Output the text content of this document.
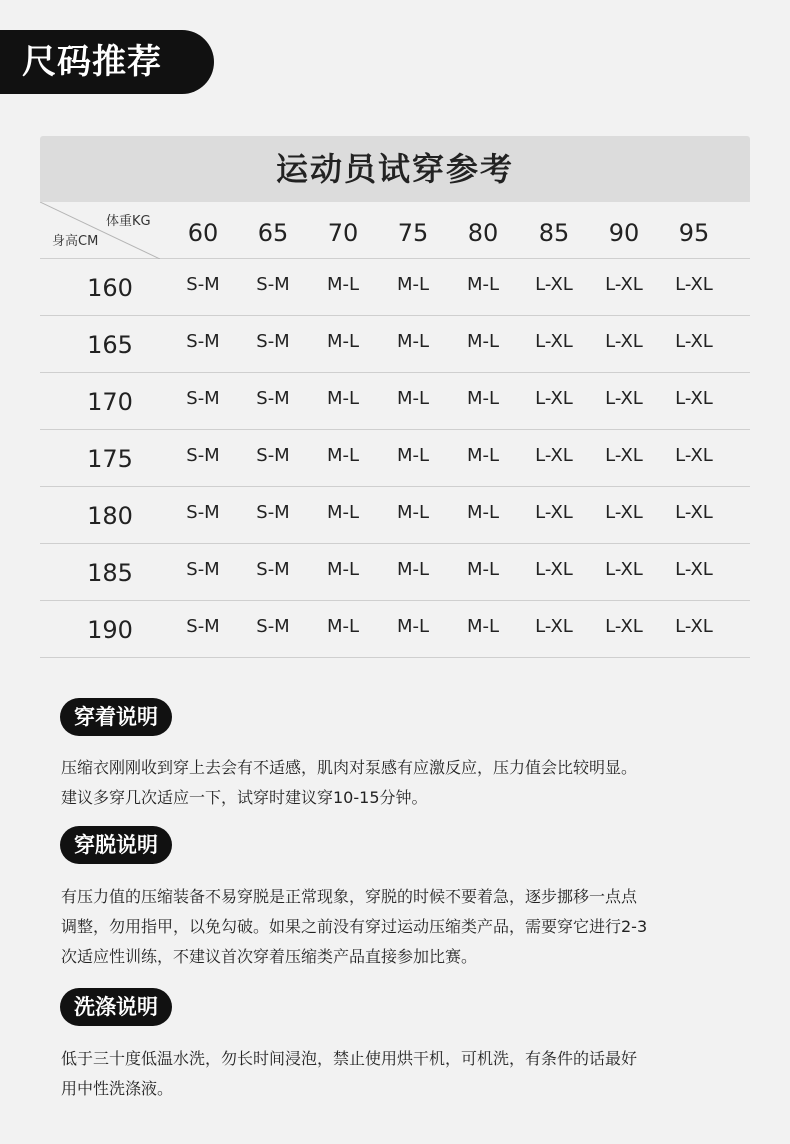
尺码推荐
运动员试穿参考
体重KG
身高CM	60	65	70	75	80	85	90	95
160	S-M	S-M	M-L	M-L	M-L	L-XL	L-XL	L-XL
165	S-M	S-M	M-L	M-L	M-L	L-XL	L-XL	L-XL
170	S-M	S-M	M-L	M-L	M-L	L-XL	L-XL	L-XL
175	S-M	S-M	M-L	M-L	M-L	L-XL	L-XL	L-XL
180	S-M	S-M	M-L	M-L	M-L	L-XL	L-XL	L-XL
185	S-M	S-M	M-L	M-L	M-L	L-XL	L-XL	L-XL
190	S-M	S-M	M-L	M-L	M-L	L-XL	L-XL	L-XL
穿着说明
压缩衣刚刚收到穿上去会有不适感，肌肉对泵感有应激反应，压力值会比较明显。
建议多穿几次适应一下，试穿时建议穿10-15分钟。
穿脱说明
有压力值的压缩装备不易穿脱是正常现象，穿脱的时候不要着急，逐步挪移一点点
调整，勿用指甲，以免勾破。如果之前没有穿过运动压缩类产品，需要穿它进行2-3
次适应性训练，不建议首次穿着压缩类产品直接参加比赛。
洗涤说明
低于三十度低温水洗，勿长时间浸泡，禁止使用烘干机，可机洗，有条件的话最好
用中性洗涤液。
